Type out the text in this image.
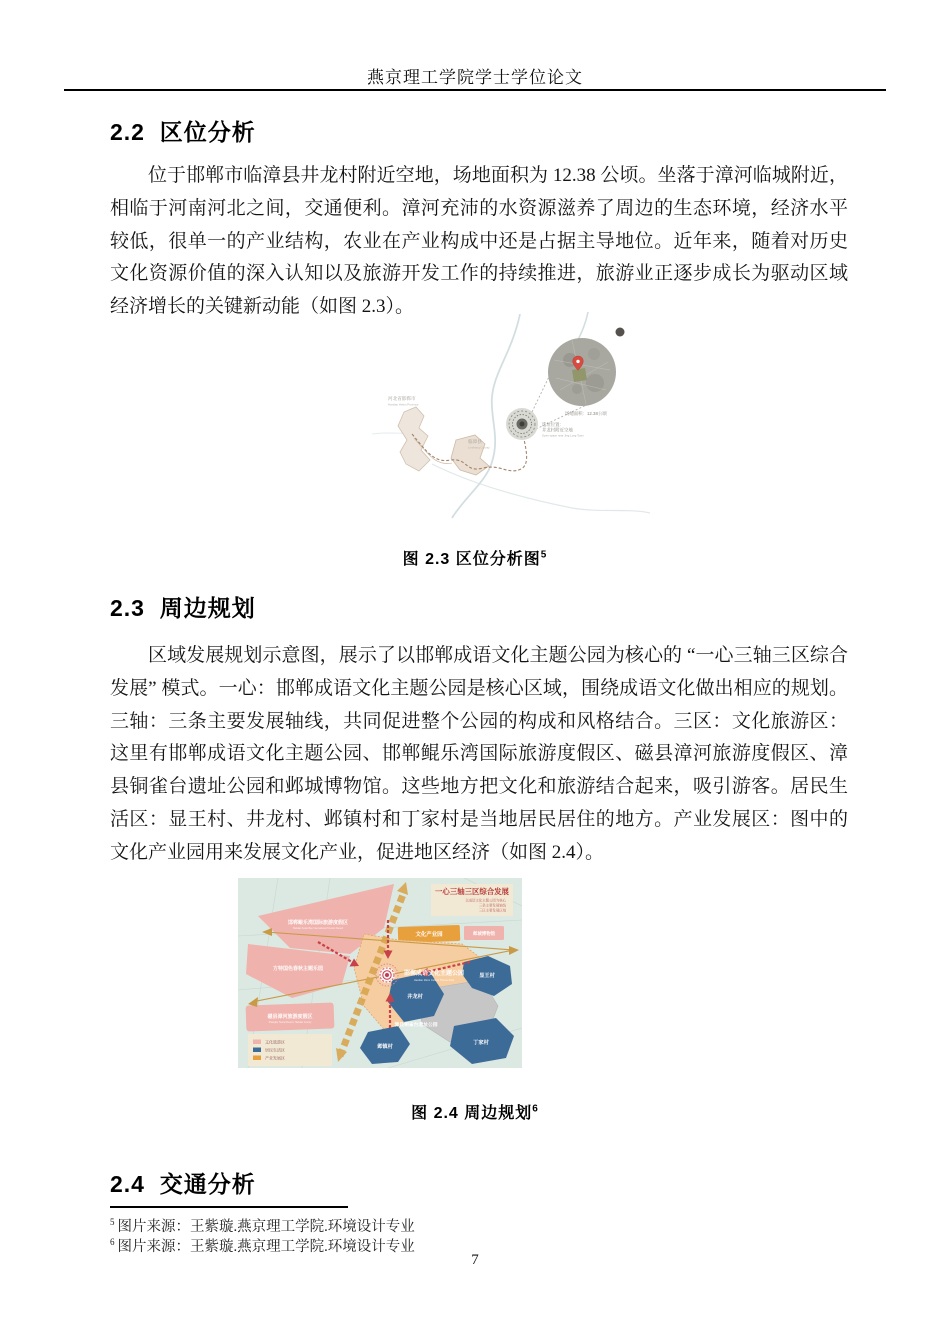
燕京理工学院学士学位论文
2.2 区位分析
位于邯郸市临漳县井龙村附近空地，场地面积为 12.38 公顷。坐落于漳河临城附近，相临于河南河北之间，交通便利。漳河充沛的水资源滋养了周边的生态环境，经济水平较低，很单一的产业结构，农业在产业构成中还是占据主导地位。近年来，随着对历史文化资源价值的深入认知以及旅游开发工作的持续推进，旅游业正逐步成长为驱动区域经济增长的关键新动能（如图 2.3）。
河北省邯郸市
Handan Hebei Province
临漳县
Linzhang County
场地面积：12.38公顷
选址位置：
井龙村附近空地
Open space near Jing Long Town
图 2.3 区位分析图$^5$
2.3 周边规划
区域发展规划示意图，展示了以邯郸成语文化主题公园为核心的 “一心三轴三区综合发展” 模式。一心：邯郸成语文化主题公园是核心区域，围绕成语文化做出相应的规划。三轴：三条主要发展轴线，共同促进整个公园的构成和风格结合。三区：文化旅游区： 这里有邯郸成语文化主题公园、邯郸鲲乐湾国际旅游度假区、磁县漳河旅游度假区、漳县铜雀台遗址公园和邺城博物馆。这些地方把文化和旅游结合起来，吸引游客。居民生活区：显王村、井龙村、邺镇村和丁家村是当地居民居住的地方。产业发展区：图中的文化产业园用来发展文化产业，促进地区经济（如图 2.4）。
一心三轴三区综合发展
以成语文化主题公园为核心
三条主要发展轴线
三区主要发展区域
邯郸鲲乐湾国际旅游度假区
Handan Kunle Bay International Tourism Resort
方特国色春秋主题乐园
磁县漳河旅游度假区
Zhanghe Tourist Resort, Handan County
文化产业园	邺城博物馆
邯郸成语文化主题公园
Handan Idiom Culture Theme Park
漳县铜雀台遗址公园
显王村
井龙村
丁家村
邺镇村
文化旅游区
居民生活区
产业发展区
图 2.4 周边规划$^6$
2.4 交通分析
$^5$ 图片来源：王紫璇.燕京理工学院.环境设计专业
$^6$ 图片来源：王紫璇.燕京理工学院.环境设计专业
7
